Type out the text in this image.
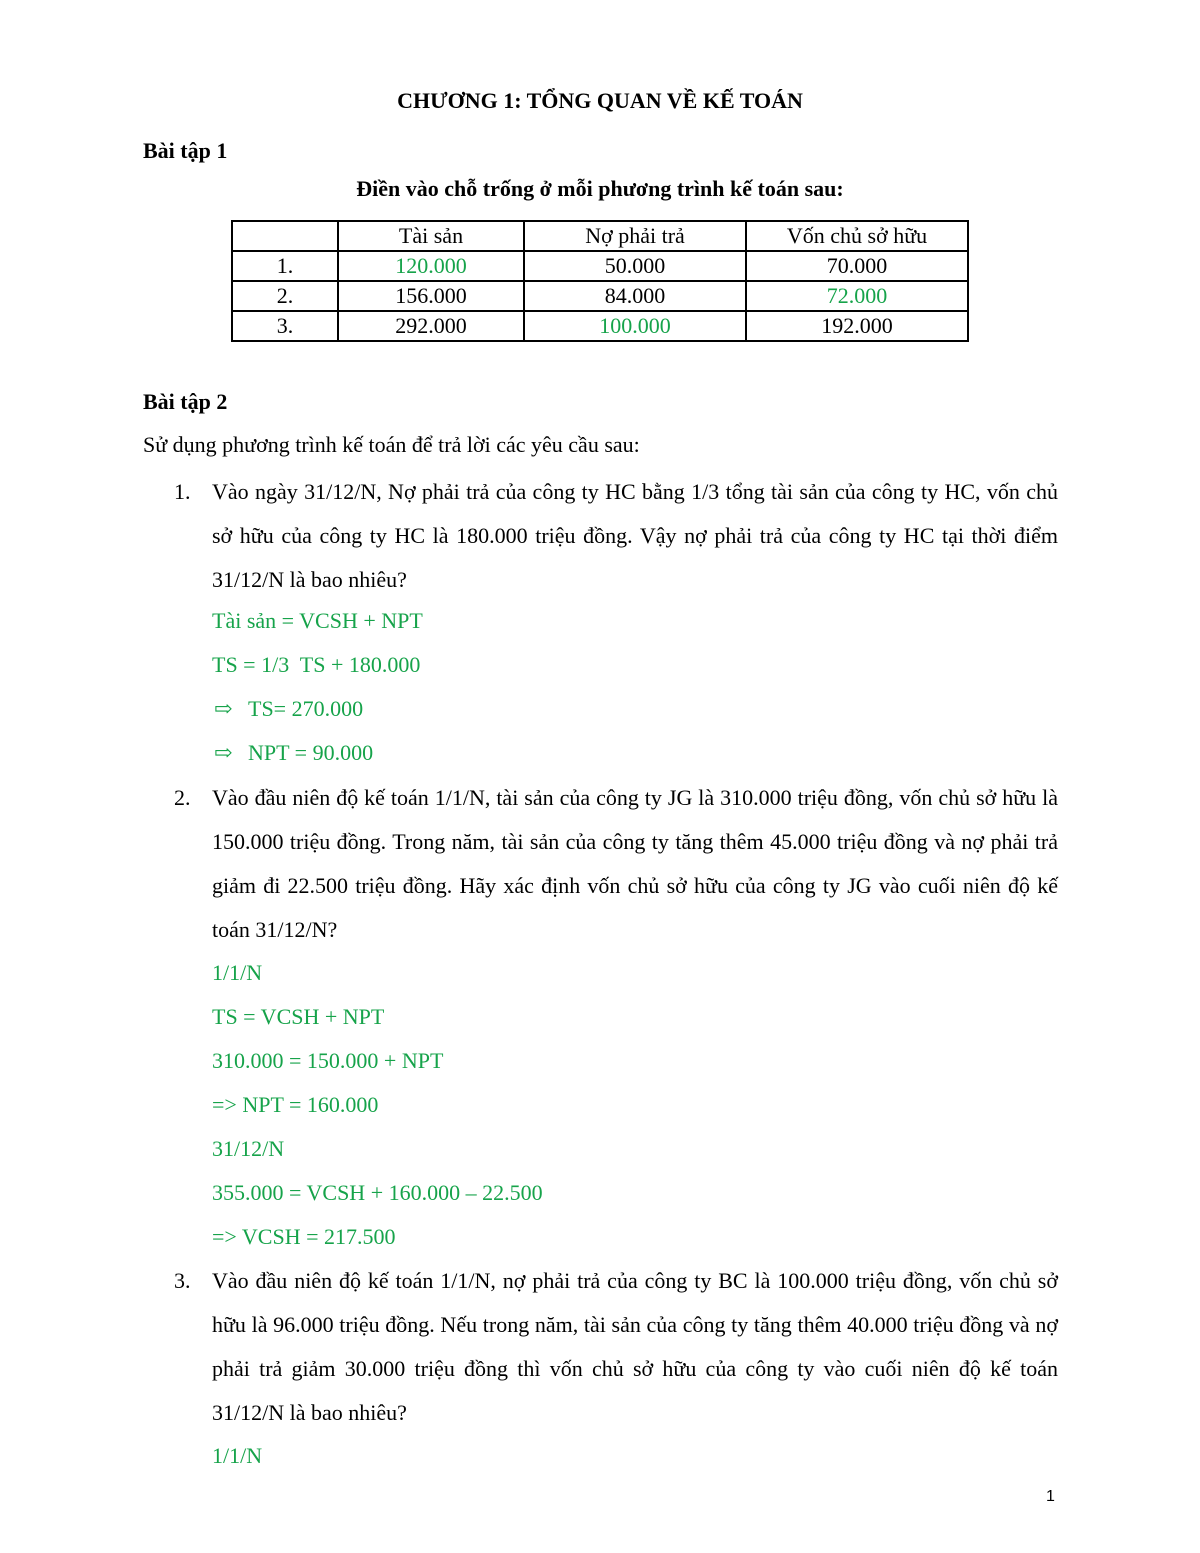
CHƯƠNG 1: TỔNG QUAN VỀ KẾ TOÁN
Bài tập 1
Điền vào chỗ trống ở mỗi phương trình kế toán sau:
	Tài sản	Nợ phải trả	Vốn chủ sở hữu
1.	120.000	50.000	70.000
2.	156.000	84.000	72.000
3.	292.000	100.000	192.000
Bài tập 2
Sử dụng phương trình kế toán để trả lời các yêu cầu sau:
1. Vào ngày 31/12/N, Nợ phải trả của công ty HC bằng 1/3 tổng tài sản của công ty HC, vốn chủ sở hữu của công ty HC là 180.000 triệu đồng. Vậy nợ phải trả của công ty HC tại thời điểm 31/12/N là bao nhiêu?
Tài sản = VCSH + NPT
TS = 1/3  TS + 180.000
⇨ TS= 270.000
⇨ NPT = 90.000
2. Vào đầu niên độ kế toán 1/1/N, tài sản của công ty JG là 310.000 triệu đồng, vốn chủ sở hữu là 150.000 triệu đồng. Trong năm, tài sản của công ty tăng thêm 45.000 triệu đồng và nợ phải trả giảm đi 22.500 triệu đồng. Hãy xác định vốn chủ sở hữu của công ty JG vào cuối niên độ kế toán 31/12/N?
1/1/N
TS = VCSH + NPT
310.000 = 150.000 + NPT
=> NPT = 160.000
31/12/N
355.000 = VCSH + 160.000 – 22.500
=> VCSH = 217.500
3. Vào đầu niên độ kế toán 1/1/N, nợ phải trả của công ty BC là 100.000 triệu đồng, vốn chủ sở hữu là 96.000 triệu đồng. Nếu trong năm, tài sản của công ty tăng thêm 40.000 triệu đồng và nợ phải trả giảm 30.000 triệu đồng thì vốn chủ sở hữu của công ty vào cuối niên độ kế toán 31/12/N là bao nhiêu?
1/1/N
1
